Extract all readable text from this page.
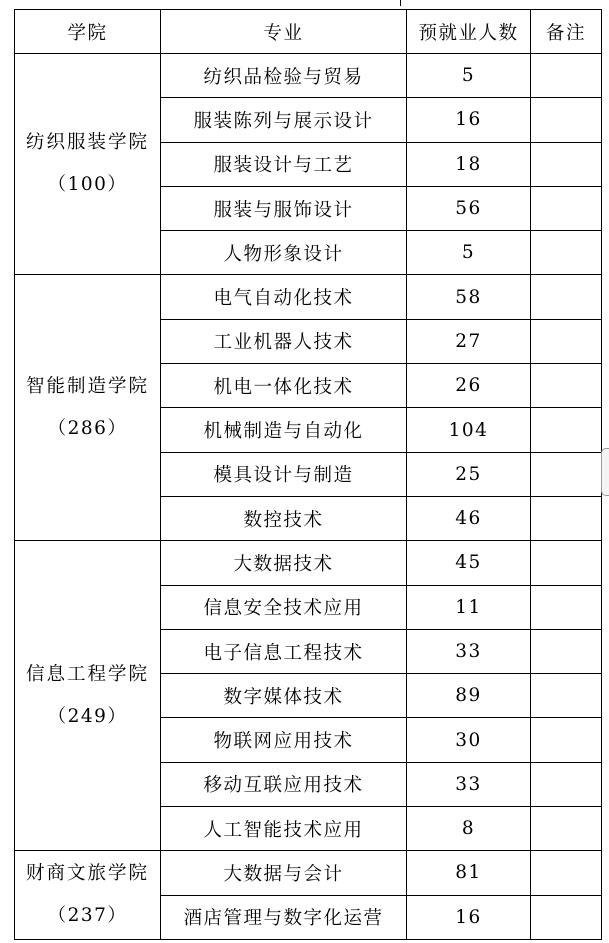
学院	专业	预就业人数	备注

纺织服装学院
（100）	纺织品检验与贸易	5	
	服装陈列与展示设计	16	
	服装设计与工艺	18	
	服装与服饰设计	56	
	人物形象设计	5	

智能制造学院
（286）	电气自动化技术	58	
	工业机器人技术	27	
	机电一体化技术	26	
	机械制造与自动化	104	
	模具设计与制造	25	
	数控技术	46	

信息工程学院
（249）	大数据技术	45	
	信息安全技术应用	11	
	电子信息工程技术	33	
	数字媒体技术	89	
	物联网应用技术	30	
	移动互联应用技术	33	
	人工智能技术应用	8	

财商文旅学院
（237）	大数据与会计	81	
	酒店管理与数字化运营	16	
